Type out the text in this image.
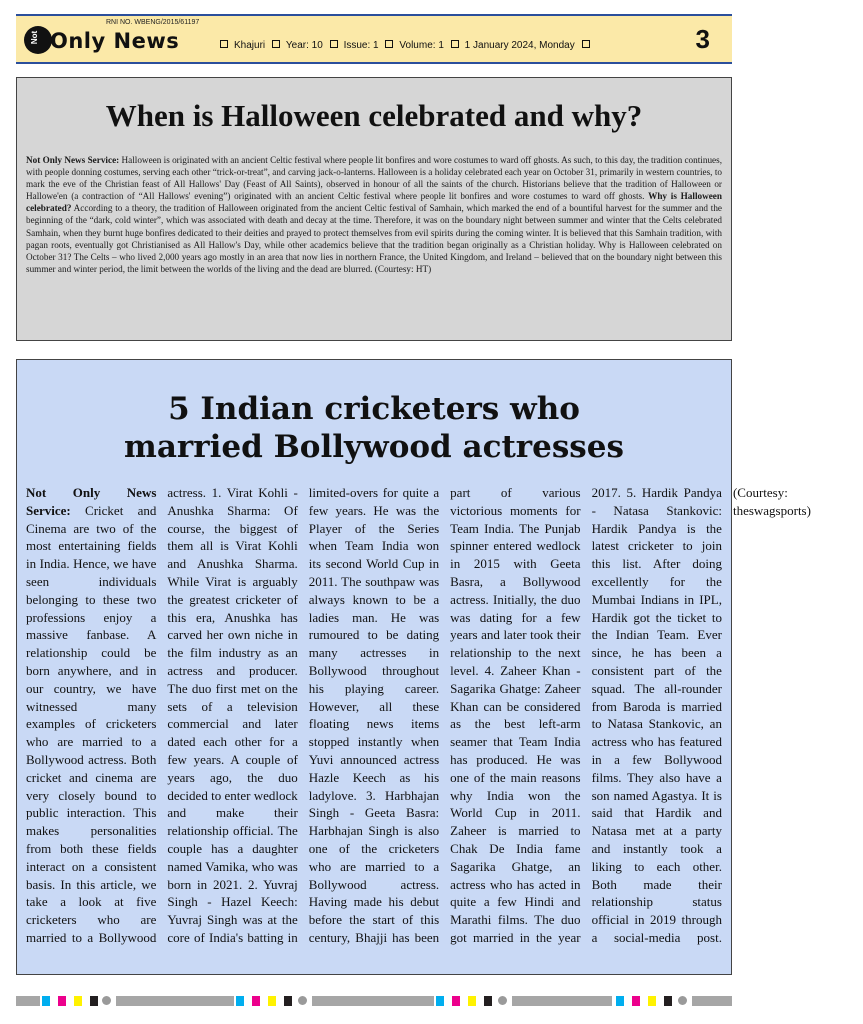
RNI NO. WBENG/2015/61197
Not Only News	Khajuri Year: 10 Issue: 1 Volume: 1 1 January 2024, Monday	3
When is Halloween celebrated and why?

Not Only News Service: Halloween is originated with an ancient Celtic festival where people lit bonfires and wore costumes to ward off ghosts. As such, to this day, the tradition continues, with people donning costumes, serving each other “trick-or-treat”, and carving jack-o-lanterns. Halloween is a holiday celebrated each year on October 31, primarily in western countries, to mark the eve of the Christian feast of All Hallows' Day (Feast of All Saints), observed in honour of all the saints of the church. Historians believe that the tradition of Halloween or Hallowe'en (a contraction of “All Hallows' evening”) originated with an ancient Celtic festival where people lit bonfires and wore costumes to ward off ghosts. Why is Halloween celebrated? According to a theory, the tradition of Halloween originated from the ancient Celtic festival of Samhain, which marked the end of a bountiful harvest for the summer and the beginning of the “dark, cold winter”, which was associated with death and decay at the time. Therefore, it was on the boundary night between summer and winter that the Celts celebrated Samhain, when they burnt huge bonfires dedicated to their deities and prayed to protect themselves from evil spirits during the coming winter. It is believed that this Samhain tradition, with pagan roots, eventually got Christianised as All Hallow's Day, while other academics believe that the tradition began originally as a Christian holiday. Why is Halloween celebrated on October 31? The Celts – who lived 2,000 years ago mostly in an area that now lies in northern France, the United Kingdom, and Ireland – believed that on the boundary night between this summer and winter period, the limit between the worlds of the living and the dead are blurred. (Courtesy: HT)

5 Indian cricketers who
married Bollywood actresses

Not Only News Service: Cricket and Cinema are two of the most entertaining fields in India. Hence, we have seen individuals belonging to these two professions enjoy a massive fanbase. A relationship could be born anywhere, and in our country, we have witnessed many examples of cricketers who are married to a Bollywood actress. Both cricket and cinema are very closely bound to public interaction. This makes personalities from both these fields interact on a consistent basis. In this article, we take a look at five cricketers who are married to a Bollywood actress. 1. Virat Kohli - Anushka Sharma: Of course, the biggest of them all is Virat Kohli and Anushka Sharma. While Virat is arguably the greatest cricketer of this era, Anushka has carved her own niche in the film industry as an actress and producer. The duo first met on the sets of a television commercial and later dated each other for a few years. A couple of years ago, the duo decided to enter wedlock and make their relationship official. The couple has a daughter named Vamika, who was born in 2021. 2. Yuvraj Singh - Hazel Keech: Yuvraj Singh was at the core of India's batting in limited-overs for quite a few years. He was the Player of the Series when Team India won its second World Cup in 2011. The southpaw was always known to be a ladies man. He was rumoured to be dating many actresses in Bollywood throughout his playing career. However, all these floating news items stopped instantly when Yuvi announced actress Hazle Keech as his ladylove. 3. Harbhajan Singh - Geeta Basra: Harbhajan Singh is also one of the cricketers who are married to a Bollywood actress. Having made his debut before the start of this century, Bhajji has been part of various victorious moments for Team India. The Punjab spinner entered wedlock in 2015 with Geeta Basra, a Bollywood actress. Initially, the duo was dating for a few years and later took their relationship to the next level. 4. Zaheer Khan - Sagarika Ghatge: Zaheer Khan can be considered as the best left-arm seamer that Team India has produced. He was one of the main reasons why India won the World Cup in 2011. Zaheer is married to Chak De India fame Sagarika Ghatge, an actress who has acted in quite a few Hindi and Marathi films. The duo got married in the year 2017. 5. Hardik Pandya - Natasa Stankovic: Hardik Pandya is the latest cricketer to join this list. After doing excellently for the Mumbai Indians in IPL, Hardik got the ticket to the Indian Team. Ever since, he has been a consistent part of the squad. The all-rounder from Baroda is married to Natasa Stankovic, an actress who has featured in a few Bollywood films. They also have a son named Agastya. It is said that Hardik and Natasa met at a party and instantly took a liking to each other. Both made their relationship status official in 2019 through a social-media post. (Courtesy: theswagsports)
